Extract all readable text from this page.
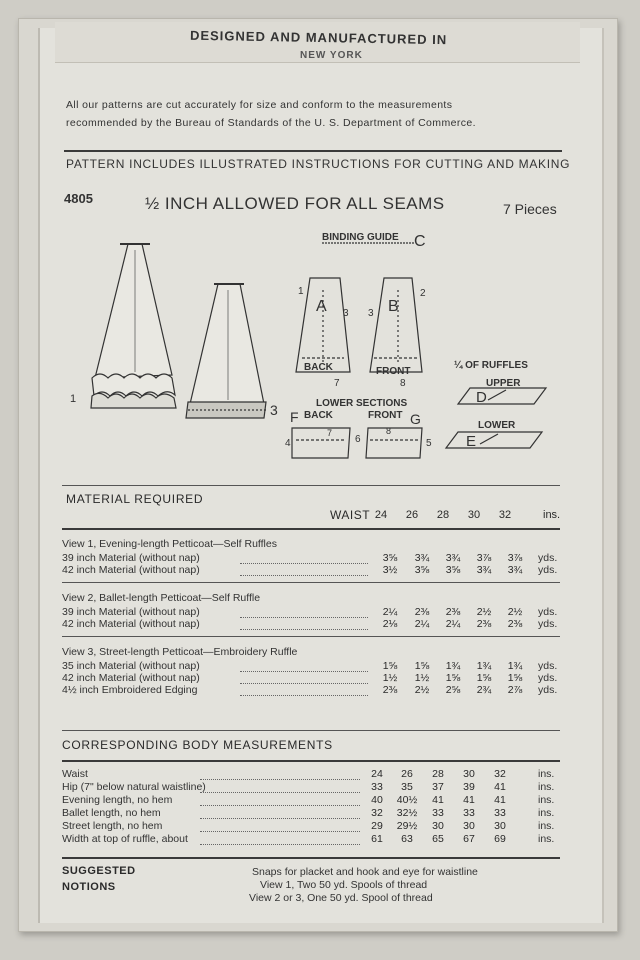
DESIGNED AND MANUFACTURED IN
NEW YORK
All our patterns are cut accurately for size and conform to the measurements
recommended by the Bureau of Standards of the U. S. Department of Commerce.
PATTERN INCLUDES ILLUSTRATED INSTRUCTIONS FOR CUTTING AND MAKING
4805	½ INCH ALLOWED FOR ALL SEAMS	7 Pieces
1
3
BINDING GUIDE C
A	B
1	2
3 3
BACK	FRONT
7	8
LOWER SECTIONS
F BACK	FRONT G
4	5
6
7	8
¼ OF RUFFLES
UPPER
D
LOWER
E
MATERIAL REQUIRED
WAIST 24	26	28	30	32	ins.
View 1, Evening-length Petticoat—Self Ruffles
39 inch Material (without nap)	3⅝	3¾	3¾	3⅞	3⅞	yds.
42 inch Material (without nap)	3½	3⅝	3⅝	3¾	3¾	yds.
View 2, Ballet-length Petticoat—Self Ruffle
39 inch Material (without nap)	2¼	2⅜	2⅜	2½	2½	yds.
42 inch Material (without nap)	2⅛	2¼	2¼	2⅜	2⅜	yds.
View 3, Street-length Petticoat—Embroidery Ruffle
35 inch Material (without nap)	1⅝	1⅝	1¾	1¾	1¾	yds.
42 inch Material (without nap)	1½	1½	1⅝	1⅝	1⅝	yds.
4½ inch Embroidered Edging	2⅜	2½	2⅝	2¾	2⅞	yds.
CORRESPONDING BODY MEASUREMENTS
Waist	24	26	28	30	32	ins.
Hip (7" below natural waistline)	33	35	37	39	41	ins.
Evening length, no hem	40	40½	41	41	41	ins.
Ballet length, no hem	32	32½	33	33	33	ins.
Street length, no hem	29	29½	30	30	30	ins.
Width at top of ruffle, about	61	63	65	67	69	ins.
SUGGESTED
NOTIONS
Snaps for placket and hook and eye for waistline
View 1, Two 50 yd. Spools of thread
View 2 or 3, One 50 yd. Spool of thread
